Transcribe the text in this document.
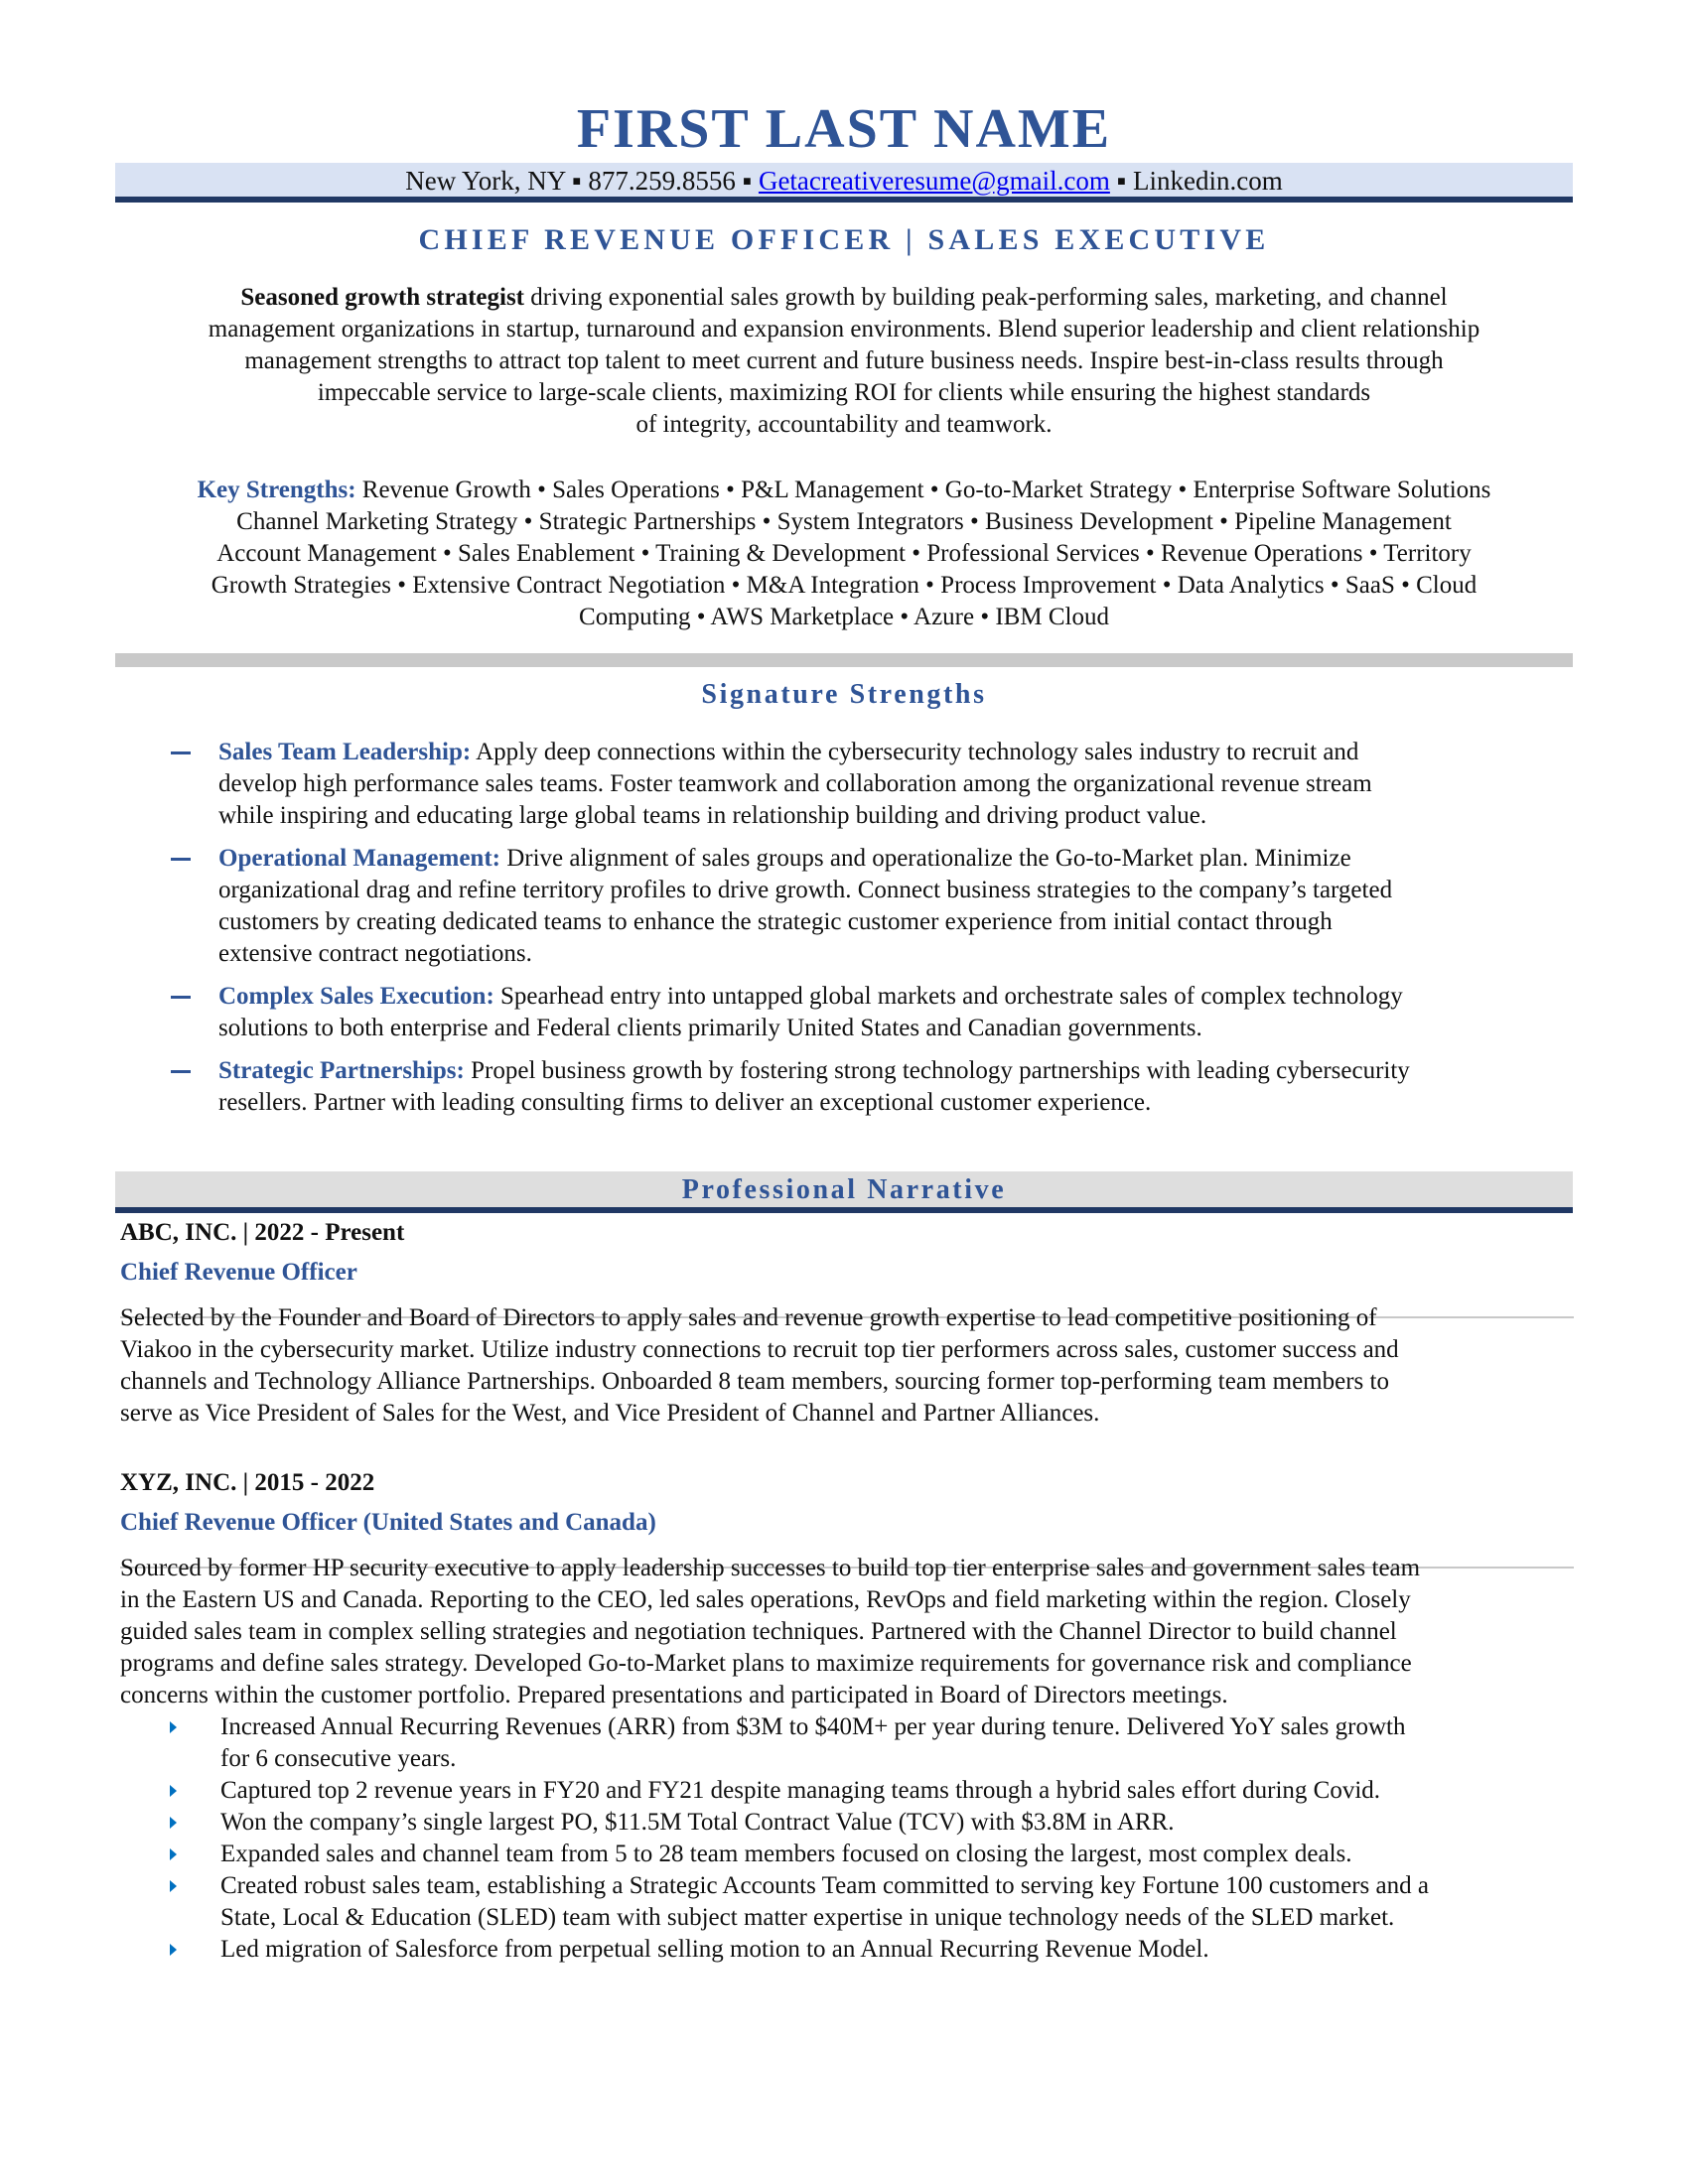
FIRST LAST NAME
New York, NY ▪ 877.259.8556 ▪ Getacreativeresume@gmail.com ▪ Linkedin.com
CHIEF REVENUE OFFICER | SALES EXECUTIVE
Seasoned growth strategist driving exponential sales growth by building peak-performing sales, marketing, and channel
management organizations in startup, turnaround and expansion environments. Blend superior leadership and client relationship
management strengths to attract top talent to meet current and future business needs. Inspire best-in-class results through
impeccable service to large-scale clients, maximizing ROI for clients while ensuring the highest standards
of integrity, accountability and teamwork.
Key Strengths: Revenue Growth • Sales Operations • P&L Management • Go-to-Market Strategy • Enterprise Software Solutions
Channel Marketing Strategy • Strategic Partnerships • System Integrators • Business Development • Pipeline Management
Account Management • Sales Enablement • Training & Development • Professional Services • Revenue Operations • Territory
Growth Strategies • Extensive Contract Negotiation • M&A Integration • Process Improvement • Data Analytics • SaaS • Cloud
Computing • AWS Marketplace • Azure • IBM Cloud
Signature Strengths
Sales Team Leadership: Apply deep connections within the cybersecurity technology sales industry to recruit and
develop high performance sales teams. Foster teamwork and collaboration among the organizational revenue stream
while inspiring and educating large global teams in relationship building and driving product value.
Operational Management: Drive alignment of sales groups and operationalize the Go-to-Market plan. Minimize
organizational drag and refine territory profiles to drive growth. Connect business strategies to the company’s targeted
customers by creating dedicated teams to enhance the strategic customer experience from initial contact through
extensive contract negotiations.
Complex Sales Execution: Spearhead entry into untapped global markets and orchestrate sales of complex technology
solutions to both enterprise and Federal clients primarily United States and Canadian governments.
Strategic Partnerships: Propel business growth by fostering strong technology partnerships with leading cybersecurity
resellers. Partner with leading consulting firms to deliver an exceptional customer experience.
Professional Narrative
ABC, INC. | 2022 - Present
Chief Revenue Officer
Selected by the Founder and Board of Directors to apply sales and revenue growth expertise to lead competitive positioning of
Viakoo in the cybersecurity market. Utilize industry connections to recruit top tier performers across sales, customer success and
channels and Technology Alliance Partnerships. Onboarded 8 team members, sourcing former top-performing team members to
serve as Vice President of Sales for the West, and Vice President of Channel and Partner Alliances.
XYZ, INC. | 2015 - 2022
Chief Revenue Officer (United States and Canada)
Sourced by former HP security executive to apply leadership successes to build top tier enterprise sales and government sales team
in the Eastern US and Canada. Reporting to the CEO, led sales operations, RevOps and field marketing within the region. Closely
guided sales team in complex selling strategies and negotiation techniques. Partnered with the Channel Director to build channel
programs and define sales strategy. Developed Go-to-Market plans to maximize requirements for governance risk and compliance
concerns within the customer portfolio. Prepared presentations and participated in Board of Directors meetings.
Increased Annual Recurring Revenues (ARR) from $3M to $40M+ per year during tenure. Delivered YoY sales growth
for 6 consecutive years.
Captured top 2 revenue years in FY20 and FY21 despite managing teams through a hybrid sales effort during Covid.
Won the company’s single largest PO, $11.5M Total Contract Value (TCV) with $3.8M in ARR.
Expanded sales and channel team from 5 to 28 team members focused on closing the largest, most complex deals.
Created robust sales team, establishing a Strategic Accounts Team committed to serving key Fortune 100 customers and a
State, Local & Education (SLED) team with subject matter expertise in unique technology needs of the SLED market.
Led migration of Salesforce from perpetual selling motion to an Annual Recurring Revenue Model.
